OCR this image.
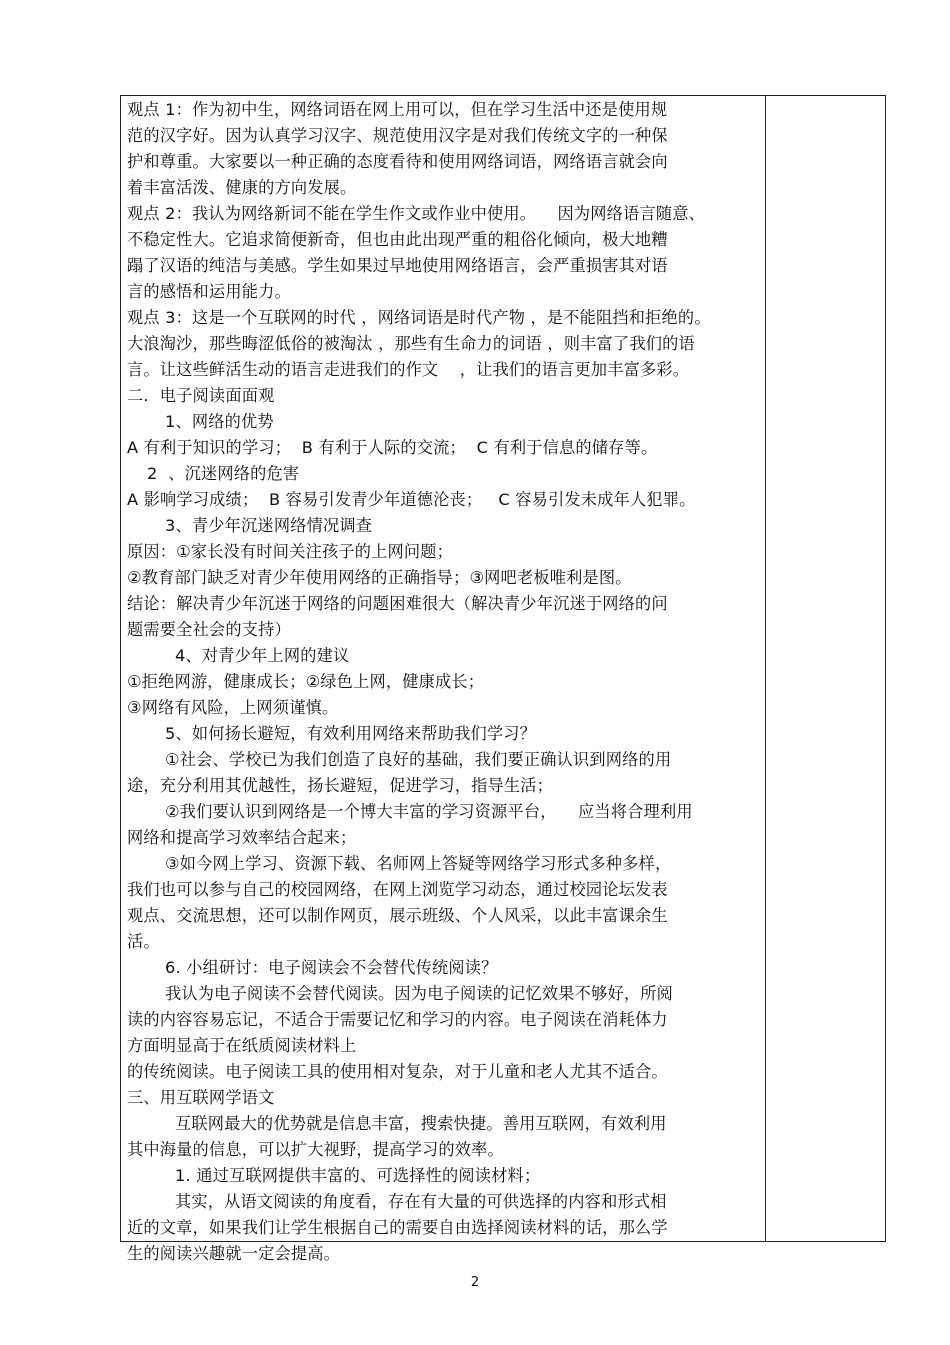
观点 1：作为初中生，网络词语在网上用可以，但在学习生活中还是使用规
范的汉字好。因为认真学习汉字、规范使用汉字是对我们传统文字的一种保
护和尊重。大家要以一种正确的态度看待和使用网络词语，网络语言就会向
着丰富活泼、健康的方向发展。
观点 2：我认为网络新词不能在学生作文或作业中使用。    因为网络语言随意、
不稳定性大。它追求简便新奇，但也由此出现严重的粗俗化倾向，极大地糟
蹋了汉语的纯洁与美感。学生如果过早地使用网络语言，会严重损害其对语
言的感悟和运用能力。
观点 3：这是一个互联网的时代 ，网络词语是时代产物 ，是不能阻挡和拒绝的。
大浪淘沙，那些晦涩低俗的被淘汰 ，那些有生命力的词语 ，则丰富了我们的语
言。让这些鲜活生动的语言走进我们的作文    ，让我们的语言更加丰富多彩。
二．电子阅读面面观
1、网络的优势
A 有利于知识的学习；  B 有利于人际的交流；  C 有利于信息的储存等。
2  、沉迷网络的危害
A 影响学习成绩；  B 容易引发青少年道德沦丧；   C 容易引发未成年人犯罪。
3、青少年沉迷网络情况调查
原因：①家长没有时间关注孩子的上网问题；
②教育部门缺乏对青少年使用网络的正确指导；③网吧老板唯利是图。
结论：解决青少年沉迷于网络的问题困难很大（解决青少年沉迷于网络的问
题需要全社会的支持）
4、对青少年上网的建议
①拒绝网游，健康成长；②绿色上网，健康成长；
③网络有风险，上网须谨慎。
5、如何扬长避短，有效利用网络来帮助我们学习？
①社会、学校已为我们创造了良好的基础，我们要正确认识到网络的用
途，充分利用其优越性，扬长避短，促进学习，指导生活；
②我们要认识到网络是一个博大丰富的学习资源平台，    应当将合理利用
网络和提高学习效率结合起来；
③如今网上学习、资源下载、名师网上答疑等网络学习形式多种多样，
我们也可以参与自己的校园网络，在网上浏览学习动态，通过校园论坛发表
观点、交流思想，还可以制作网页，展示班级、个人风采，以此丰富课余生
活。
6. 小组研讨：电子阅读会不会替代传统阅读？
我认为电子阅读不会替代阅读。因为电子阅读的记忆效果不够好，所阅
读的内容容易忘记，不适合于需要记忆和学习的内容。电子阅读在消耗体力
方面明显高于在纸质阅读材料上
的传统阅读。电子阅读工具的使用相对复杂，对于儿童和老人尤其不适合。
三、用互联网学语文
互联网最大的优势就是信息丰富，搜索快捷。善用互联网，有效利用
其中海量的信息，可以扩大视野，提高学习的效率。
1. 通过互联网提供丰富的、可选择性的阅读材料；
其实，从语文阅读的角度看，存在有大量的可供选择的内容和形式相
近的文章，如果我们让学生根据自己的需要自由选择阅读材料的话，那么学
生的阅读兴趣就一定会提高。
2
